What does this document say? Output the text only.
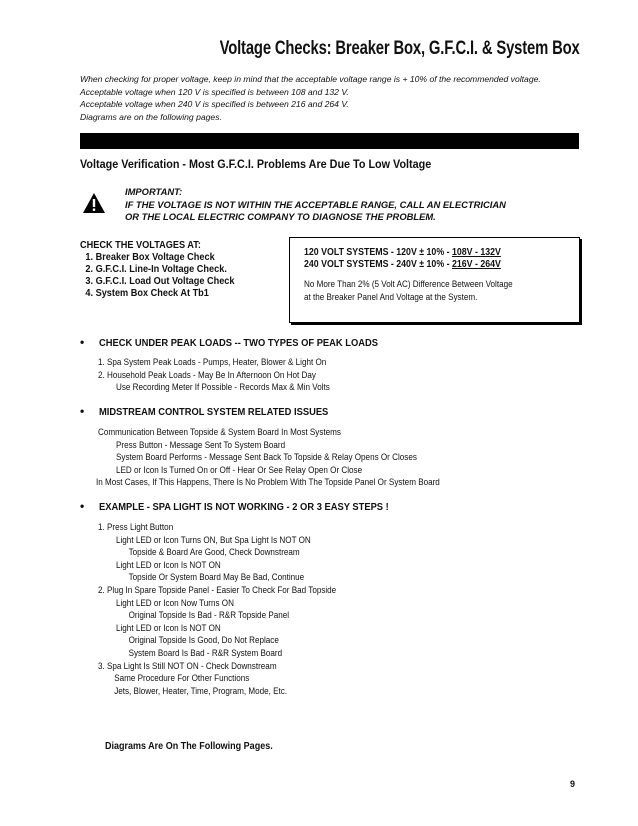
Voltage Checks: Breaker Box, G.F.C.I. & System Box
When checking for proper voltage, keep in mind that the acceptable voltage range is + 10% of the recommended voltage.
Acceptable voltage when 120 V is specified is between 108 and 132 V.
Acceptable voltage when 240 V is specified is between 216 and 264 V.
Diagrams are on the following pages.
Voltage Verification - Most G.F.C.I. Problems Are Due To Low Voltage
IMPORTANT:
IF THE VOLTAGE IS NOT WITHIN THE ACCEPTABLE RANGE, CALL AN ELECTRICIAN
OR THE LOCAL ELECTRIC COMPANY TO DIAGNOSE THE PROBLEM.
CHECK THE VOLTAGES AT:
1. Breaker Box Voltage Check
2. G.F.C.I. Line-In Voltage Check.
3. G.F.C.I. Load Out Voltage Check
4. System Box Check At Tb1
120 VOLT SYSTEMS - 120V ± 10% - 108V - 132V
240 VOLT SYSTEMS - 240V ± 10% - 216V - 264V
No More Than 2% (5 Volt AC) Difference Between Voltage
at the Breaker Panel And Voltage at the System.
• CHECK UNDER PEAK LOADS -- TWO TYPES OF PEAK LOADS
1. Spa System Peak Loads - Pumps, Heater, Blower & Light On
2. Household Peak Loads - May Be In Afternoon On Hot Day
Use Recording Meter If Possible - Records Max & Min Volts
• MIDSTREAM CONTROL SYSTEM RELATED ISSUES
Communication Between Topside & System Board In Most Systems
Press Button - Message Sent To System Board
System Board Performs - Message Sent Back To Topside & Relay Opens Or Closes
LED or Icon Is Turned On or Off - Hear Or See Relay Open Or Close
In Most Cases, If This Happens, There Is No Problem With The Topside Panel Or System Board
• EXAMPLE - SPA LIGHT IS NOT WORKING - 2 OR 3 EASY STEPS !
1. Press Light Button
Light LED or Icon Turns ON, But Spa Light Is NOT ON
Topside & Board Are Good, Check Downstream
Light LED or Icon Is NOT ON
Topside Or System Board May Be Bad, Continue
2. Plug In Spare Topside Panel - Easier To Check For Bad Topside
Light LED or Icon Now Turns ON
Original Topside Is Bad - R&R Topside Panel
Light LED or Icon Is NOT ON
Original Topside Is Good, Do Not Replace
System Board Is Bad - R&R System Board
3. Spa Light Is Still NOT ON - Check Downstream
Same Procedure For Other Functions
Jets, Blower, Heater, Time, Program, Mode, Etc.
Diagrams Are On The Following Pages.
9
